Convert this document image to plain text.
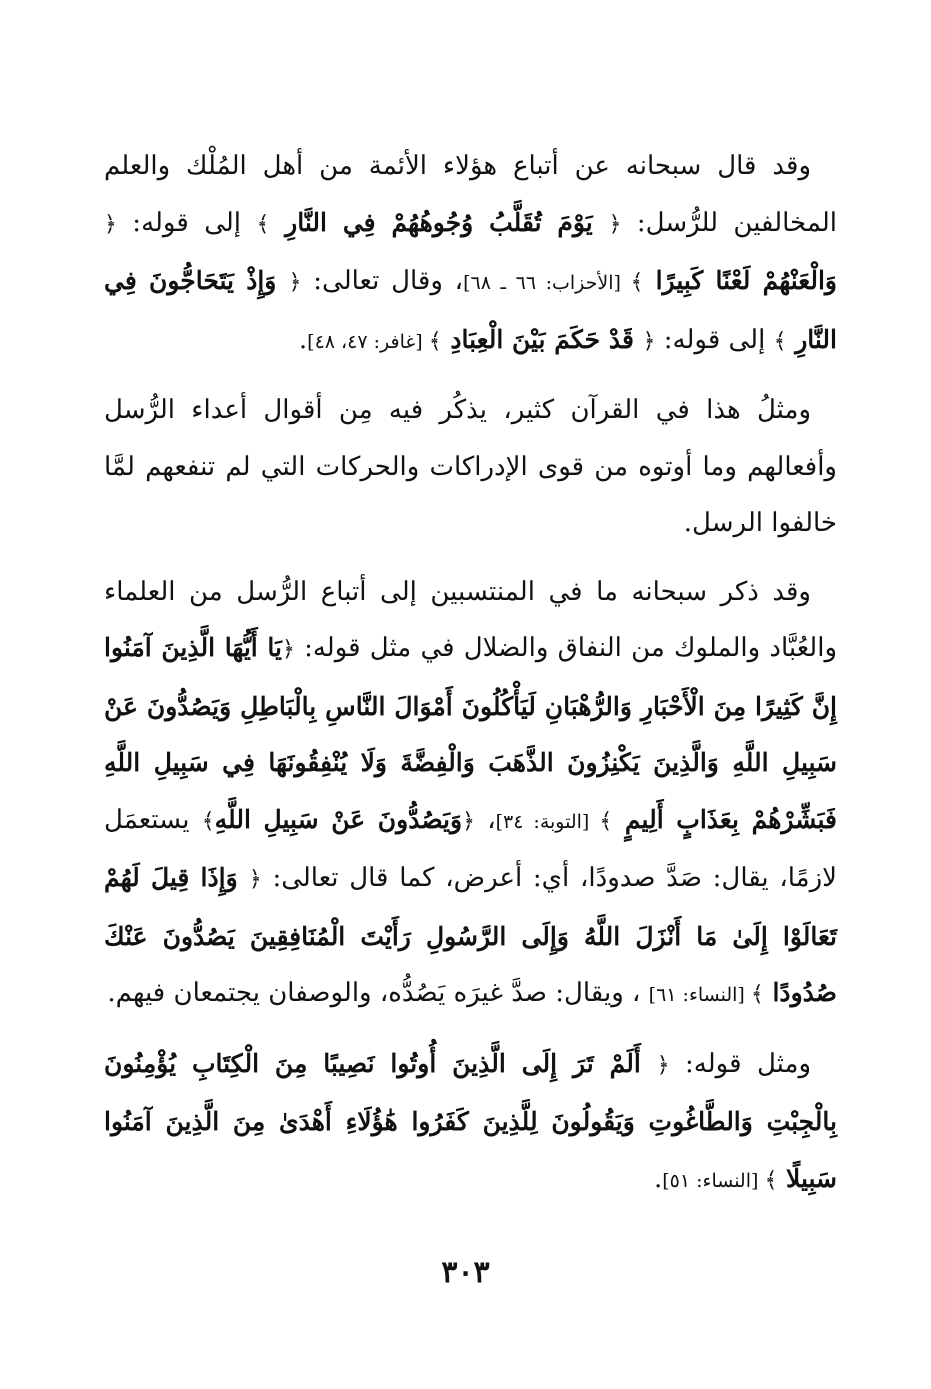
وقد قال سبحانه عن أتباع هؤلاء الأئمة من أهل المُلْك والعلم المخالفين للرُّسل: ﴿ يَوْمَ تُقَلَّبُ وُجُوهُهُمْ فِي النَّارِ ﴾ إلى قوله: ﴿ وَالْعَنْهُمْ لَعْنًا كَبِيرًا ﴾ [الأحزاب: ٦٦ ـ ٦٨]، وقال تعالى: ﴿ وَإِذْ يَتَحَاجُّونَ فِي النَّارِ ﴾ إلى قوله: ﴿ قَدْ حَكَمَ بَيْنَ الْعِبَادِ ﴾ [غافر: ٤٧، ٤٨].

ومثلُ هذا في القرآن كثير، يذكُر فيه مِن أقوال أعداء الرُّسل وأفعالهم وما أوتوه من قوى الإدراكات والحركات التي لم تنفعهم لمَّا خالفوا الرسل.

وقد ذكر سبحانه ما في المنتسبين إلى أتباع الرُّسل من العلماء والعُبَّاد والملوك من النفاق والضلال في مثل قوله: ﴿يَا أَيُّهَا الَّذِينَ آمَنُوا إِنَّ كَثِيرًا مِنَ الْأَحْبَارِ وَالرُّهْبَانِ لَيَأْكُلُونَ أَمْوَالَ النَّاسِ بِالْبَاطِلِ وَيَصُدُّونَ عَنْ سَبِيلِ اللَّهِ وَالَّذِينَ يَكْنِزُونَ الذَّهَبَ وَالْفِضَّةَ وَلَا يُنْفِقُونَهَا فِي سَبِيلِ اللَّهِ فَبَشِّرْهُمْ بِعَذَابٍ أَلِيمٍ ﴾ [التوبة: ٣٤]، ﴿وَيَصُدُّونَ عَنْ سَبِيلِ اللَّهِ﴾ يستعمَل لازمًا، يقال: صَدَّ صدودًا، أي: أعرض، كما قال تعالى: ﴿ وَإِذَا قِيلَ لَهُمْ تَعَالَوْا إِلَىٰ مَا أَنْزَلَ اللَّهُ وَإِلَى الرَّسُولِ رَأَيْتَ الْمُنَافِقِينَ يَصُدُّونَ عَنْكَ صُدُودًا ﴾ [النساء: ٦١] ، ويقال: صدَّ غيرَه يَصُدُّه، والوصفان يجتمعان فيهم.

ومثل قوله: ﴿ أَلَمْ تَرَ إِلَى الَّذِينَ أُوتُوا نَصِيبًا مِنَ الْكِتَابِ يُؤْمِنُونَ بِالْجِبْتِ وَالطَّاغُوتِ وَيَقُولُونَ لِلَّذِينَ كَفَرُوا هَٰؤُلَاءِ أَهْدَىٰ مِنَ الَّذِينَ آمَنُوا سَبِيلًا ﴾ [النساء: ٥١].

٣٠٣
